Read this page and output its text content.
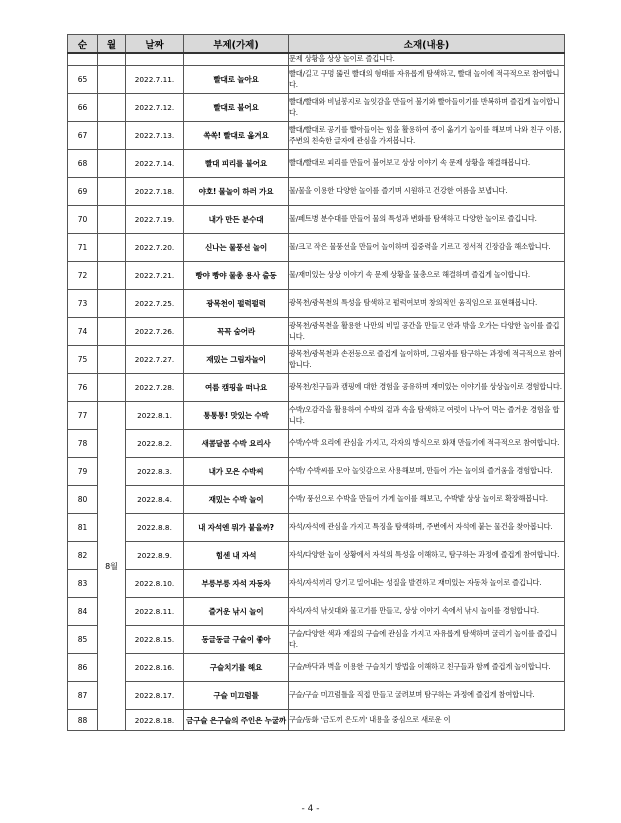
순	월	날짜	부제(가제)	소재(내용)
				문제 상황을 상상 놀이로 즐깁니다.
65		2022.7.11.	빨대로 놀아요	빨대/길고 구멍 뚫린 빨대의 형태를 자유롭게 탐색하고, 빨대 놀이에 적극적으로 참여합니다.
66		2022.7.12.	빨대로 불어요	빨대/빨대와 비닐봉지로 놀잇감을 만들어 불기와 빨아들이기를 반복하며 즐겁게 놀이합니다.
67		2022.7.13.	쏙쏙! 빨대로 옮겨요	빨대/빨대로 공기를 빨아들이는 힘을 활용하여 종이 옮기기 놀이를 해보며 나와 친구 이름, 주변의 친숙한 글자에 관심을 가져봅니다.
68		2022.7.14.	빨대 피리를 불어요	빨대/빨대로 피리를 만들어 불어보고 상상 이야기 속 문제 상황을 해결해봅니다.
69		2022.7.18.	야호! 물놀이 하러 가요	물/물을 이용한 다양한 놀이를 즐기며 시원하고 건강한 여름을 보냅니다.
70		2022.7.19.	내가 만든 분수대	물/페트병 분수대를 만들어 물의 특성과 변화를 탐색하고 다양한 놀이로 즐깁니다.
71		2022.7.20.	신나는 물풍선 놀이	물/크고 작은 물풍선을 만들어 놀이하며 집중력을 기르고 정서적 긴장감을 해소합니다.
72		2022.7.21.	빵야 빵야 물총 용사 출동	물/재미있는 상상 이야기 속 문제 상황을 물총으로 해결하며 즐겁게 놀이합니다.
73		2022.7.25.	광목천이 펄럭펄럭	광목천/광목천의 특성을 탐색하고 펄럭여보며 창의적인 움직임으로 표현해봅니다.
74		2022.7.26.	꼭꼭 숨어라	광목천/광목천을 활용한 나만의 비밀 공간을 만들고 안과 밖을 오가는 다양한 놀이를 즐깁니다.
75		2022.7.27.	재밌는 그림자놀이	광목천/광목천과 손전등으로 즐겁게 놀이하며, 그림자를 탐구하는 과정에 적극적으로 참여합니다.
76		2022.7.28.	여름 캠핑을 떠나요	광목천/친구들과 캠핑에 대한 경험을 공유하며 재미있는 이야기를 상상놀이로 경험합니다.
77	8월	2022.8.1.	통통통! 맛있는 수박	수박/오감각을 활용하여 수박의 겉과 속을 탐색하고 여럿이 나누어 먹는 즐거운 경험을 합니다.
78		2022.8.2.	새콤달콤 수박 요리사	수박/수박 요리에 관심을 가지고, 각자의 방식으로 화채 만들기에 적극적으로 참여합니다.
79		2022.8.3.	내가 모은 수박씨	수박/ 수박씨를 모아 놀잇감으로 사용해보며, 만들어 가는 놀이의 즐거움을 경험합니다.
80		2022.8.4.	재밌는 수박 놀이	수박/ 풍선으로 수박을 만들어 가게 놀이를 해보고, 수박밭 상상 놀이로 확장해봅니다.
81		2022.8.8.	내 자석엔 뭐가 붙을까?	자석/자석에 관심을 가지고 특징을 탐색하며, 주변에서 자석에 붙는 물건을 찾아봅니다.
82		2022.8.9.	힘센 내 자석	자석/다양한 놀이 상황에서 자석의 특성을 이해하고, 탐구하는 과정에 즐겁게 참여합니다.
83		2022.8.10.	부릉부릉 자석 자동차	자석/자석끼리 당기고 밀어내는 성질을 발견하고 재미있는 자동차 놀이로 즐깁니다.
84		2022.8.11.	즐거운 낚시 놀이	자석/자석 낚싯대와 물고기를 만들고, 상상 이야기 속에서 낚시 놀이를 경험합니다.
85		2022.8.15.	동글동글 구슬이 좋아	구슬/다양한 색과 재질의 구슬에 관심을 가지고 자유롭게 탐색하며 굴리기 놀이를 즐깁니다.
86		2022.8.16.	구슬치기를 해요	구슬/바닥과 벽을 이용한 구슬치기 방법을 이해하고 친구들과 함께 즐겁게 놀이합니다.
87		2022.8.17.	구슬 미끄럼틀	구슬/구슬 미끄럼틀을 직접 만들고 굴려보며 탐구하는 과정에 즐겁게 참여합니다.
88		2022.8.18.	금구슬 은구슬의 주인은 누굴까	구슬/동화 '금도끼 은도끼' 내용을 중심으로 새로운 이
- 4 -
